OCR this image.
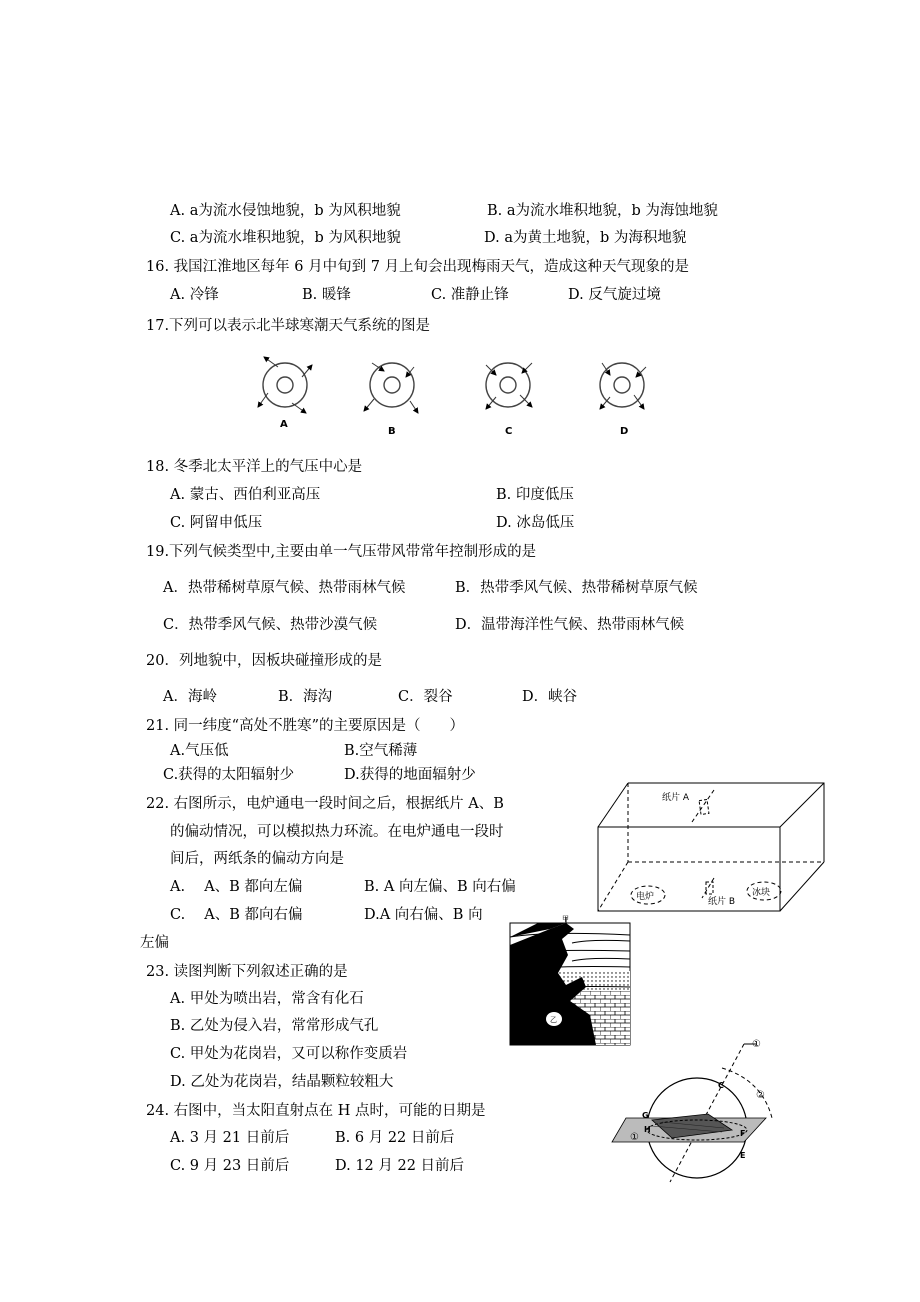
A. a为流水侵蚀地貌，b 为风积地貌	B. a为流水堆积地貌，b 为海蚀地貌
C. a为流水堆积地貌，b 为风积地貌	D. a为黄土地貌，b 为海积地貌
16. 我国江淮地区每年 6 月中旬到 7 月上旬会出现梅雨天气，造成这种天气现象的是
A. 冷锋	B. 暖锋	C. 准静止锋	D. 反气旋过境
17.下列可以表示北半球寒潮天气系统的图是
A
B	C	D
18. 冬季北太平洋上的气压中心是
A. 蒙古、西伯利亚高压	B. 印度低压
C. 阿留申低压	D. 冰岛低压
19.下列气候类型中,主要由单一气压带风带常年控制形成的是
A．热带稀树草原气候、热带雨林气候	B．热带季风气候、热带稀树草原气候
C．热带季风气候、热带沙漠气候	D．温带海洋性气候、热带雨林气候
20．列地貌中，因板块碰撞形成的是
A．海岭	B．海沟	C．裂谷	D．峡谷
21. 同一纬度“高处不胜寒”的主要原因是（　　）
A.气压低	B.空气稀薄
C.获得的太阳辐射少	D.获得的地面辐射少
22. 右图所示，电炉通电一段时间之后，根据纸片 A、B
的偏动情况，可以模拟热力环流。在电炉通电一段时
间后，两纸条的偏动方向是
A.　 A、B 都向左偏	B. A 向左偏、B 向右偏
C.　 A、B 都向右偏	D.A 向右偏、B 向
左偏
纸片 A
电炉	纸片 B
冰块
23. 读图判断下列叙述正确的是
A. 甲处为喷出岩，常含有化石
B. 乙处为侵入岩，常常形成气孔
C. 甲处为花岗岩，又可以称作变质岩
D. 乙处为花岗岩，结晶颗粒较粗大
甲
乙
24. 右图中，当太阳直射点在 H 点时，可能的日期是
A. 3 月 21 日前后	B. 6 月 22 日前后
C. 9 月 23 日前后	D. 12 月 22 日前后
①
②
①
G
H	F
E
C
